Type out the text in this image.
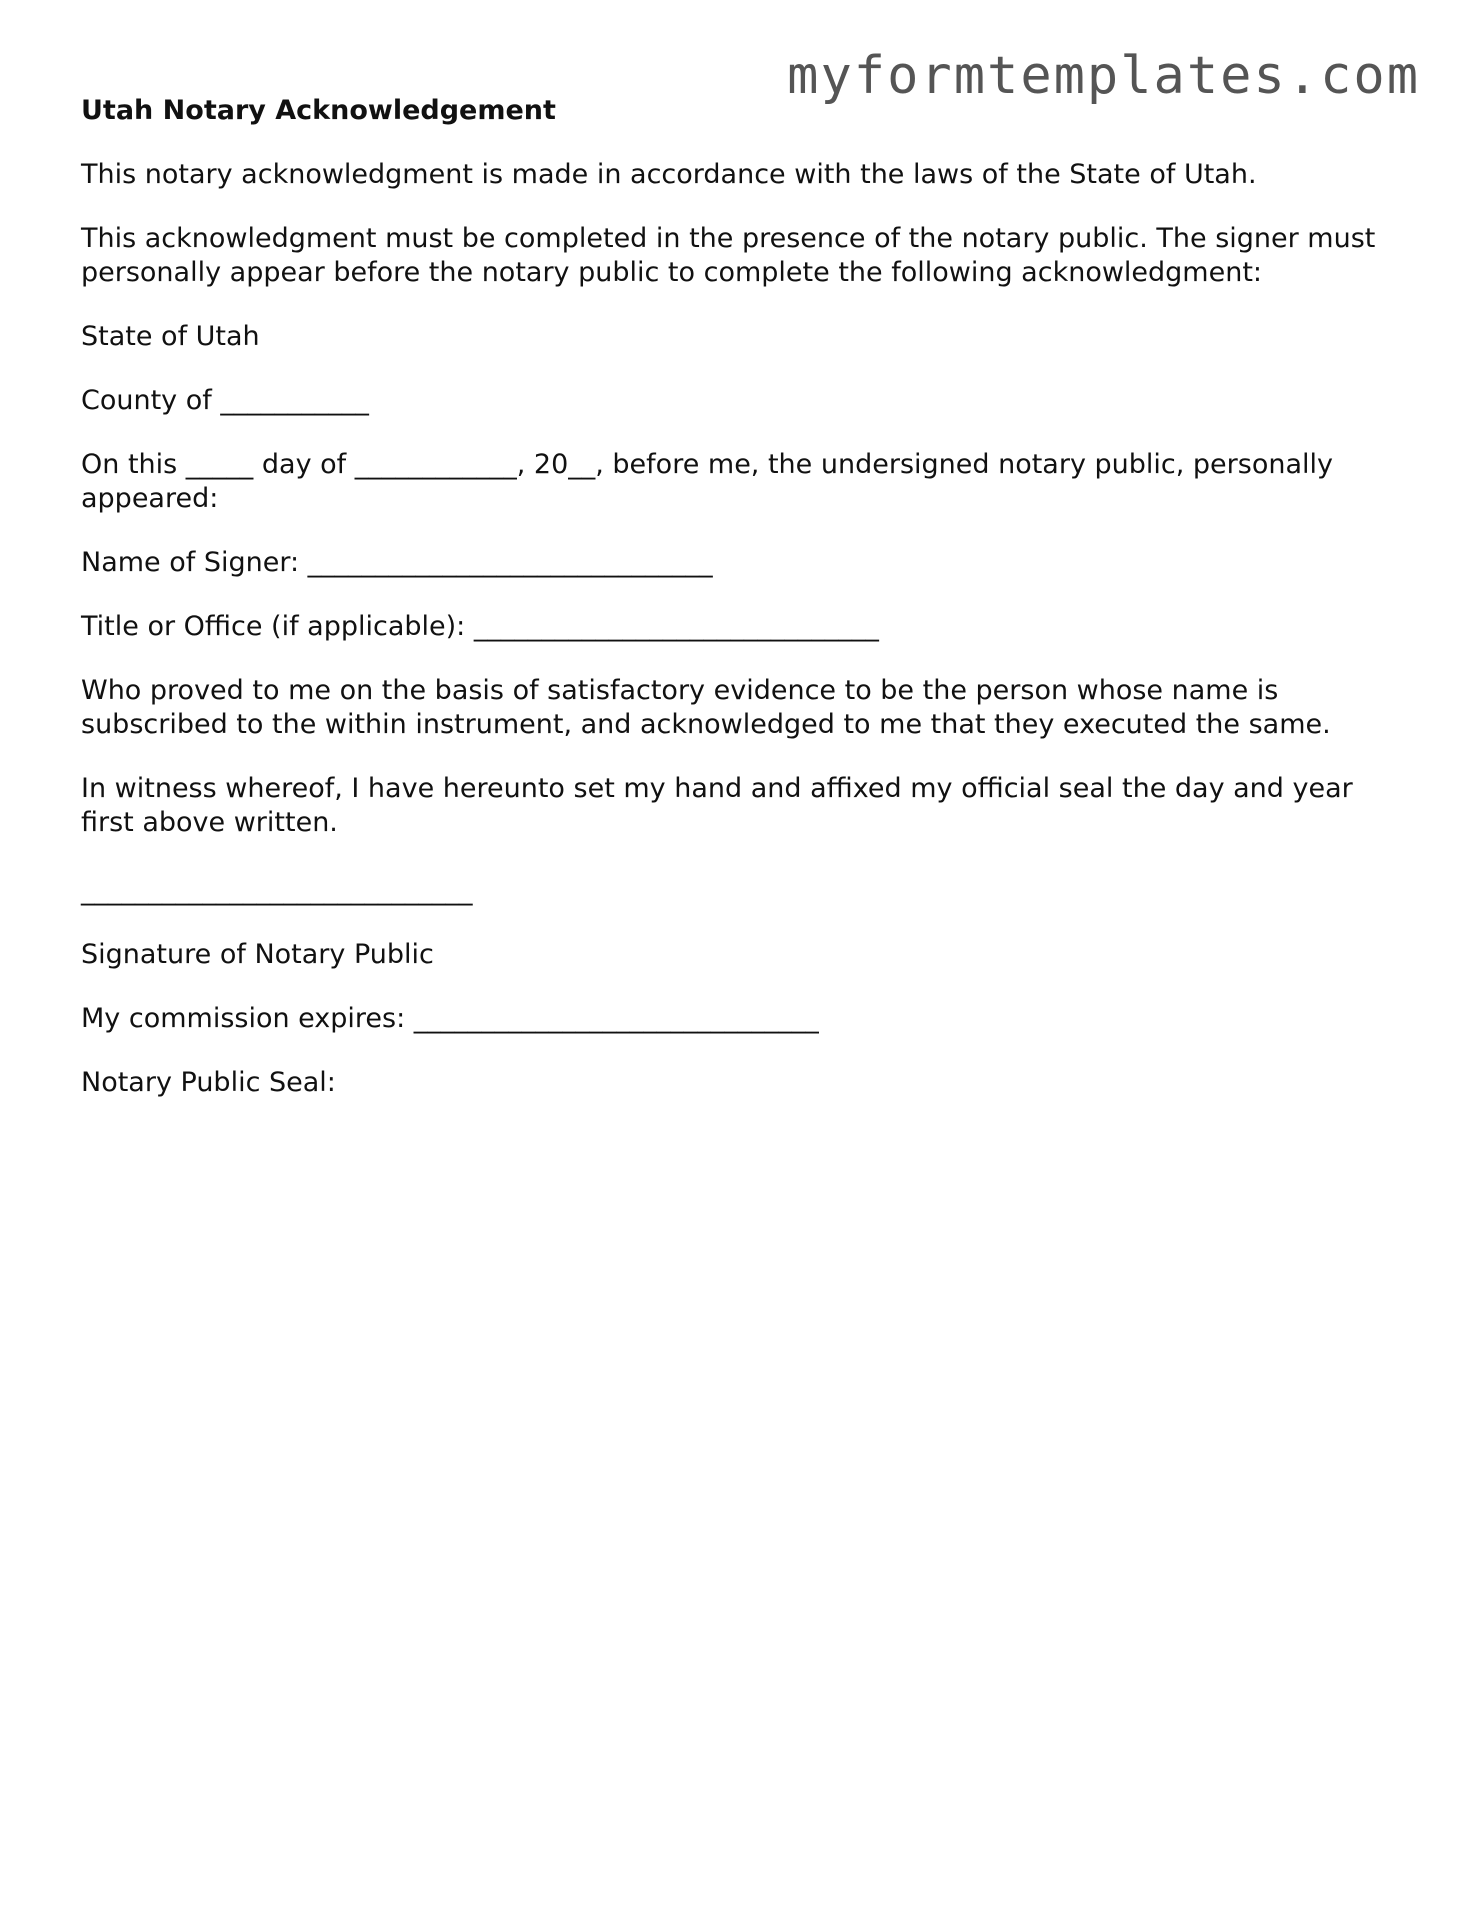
myformtemplates.com
Utah Notary Acknowledgement
This notary acknowledgment is made in accordance with the laws of the State of Utah.
This acknowledgment must be completed in the presence of the notary public. The signer must personally appear before the notary public to complete the following acknowledgment:
State of Utah
County of ___________
On this _____ day of ____________, 20__, before me, the undersigned notary public, personally appeared:
Name of Signer: ______________________________
Title or Office (if applicable): ______________________________
Who proved to me on the basis of satisfactory evidence to be the person whose name is subscribed to the within instrument, and acknowledged to me that they executed the same.
In witness whereof, I have hereunto set my hand and affixed my official seal the day and year first above written.
_____________________________
Signature of Notary Public
My commission expires: ______________________________
Notary Public Seal:
